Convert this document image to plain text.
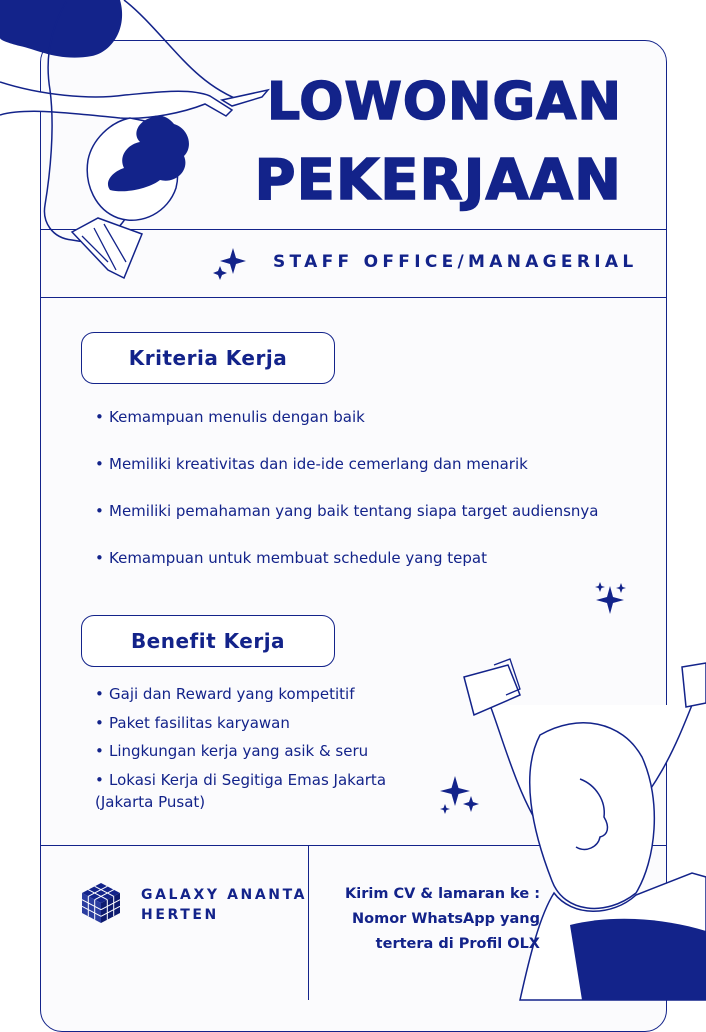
LOWONGAN
PEKERJAAN
STAFF OFFICE/MANAGERIAL
Kriteria Kerja
• Kemampuan menulis dengan baik
• Memiliki kreativitas dan ide-ide cemerlang dan menarik
• Memiliki pemahaman yang baik tentang siapa target audiensnya
• Kemampuan untuk membuat schedule yang tepat
Benefit Kerja
• Gaji dan Reward yang kompetitif
• Paket fasilitas karyawan
• Lingkungan kerja yang asik & seru
• Lokasi Kerja di Segitiga Emas Jakarta
(Jakarta Pusat)

GALAXY ANANTA
HERTEN

Kirim CV & lamaran ke :
Nomor WhatsApp yang
tertera di Profil OLX
